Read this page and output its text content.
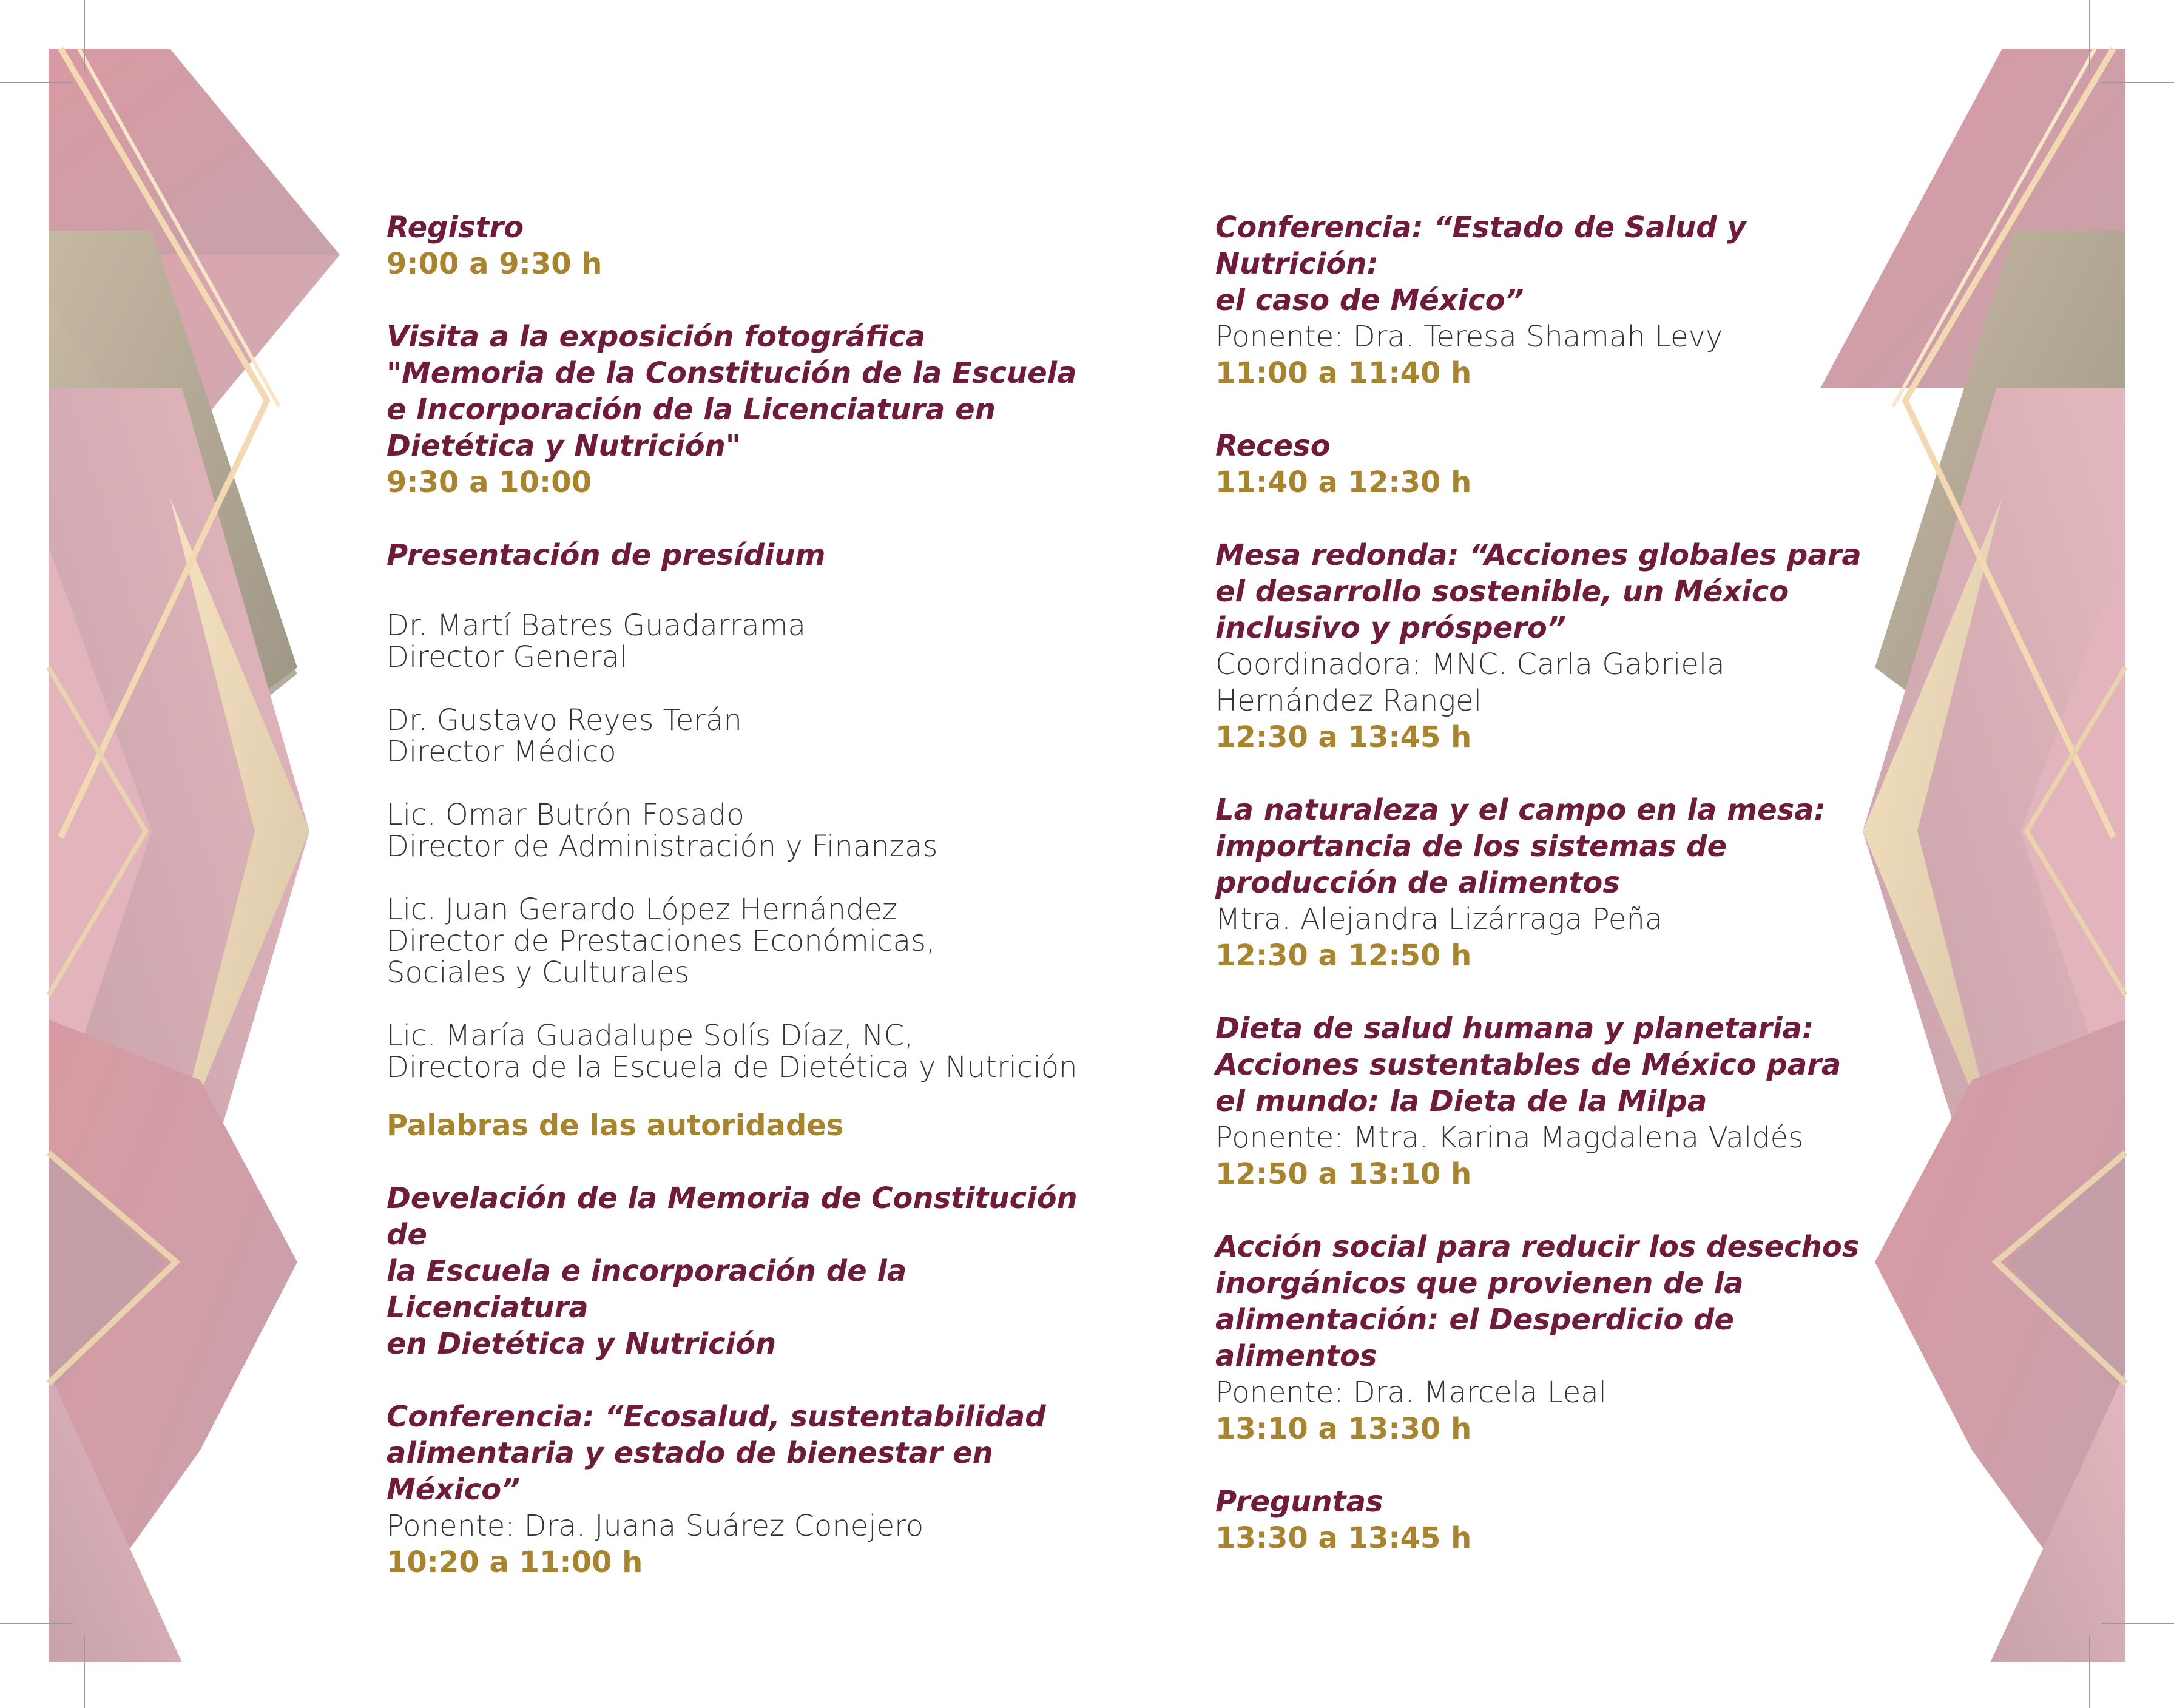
Registro
9:00 a 9:30 h
Visita a la exposición fotográfica
"Memoria de la Constitución de la Escuela
e Incorporación de la Licenciatura en
Dietética y Nutrición"
9:30 a 10:00
Presentación de presídium
Dr. Martí Batres Guadarrama
Director General
Dr. Gustavo Reyes Terán
Director Médico
Lic. Omar Butrón Fosado
Director de Administración y Finanzas
Lic. Juan Gerardo López Hernández
Director de Prestaciones Económicas,
Sociales y Culturales
Lic. María Guadalupe Solís Díaz, NC,
Directora de la Escuela de Dietética y Nutrición
Palabras de las autoridades
Develación de la Memoria de Constitución de
la Escuela e incorporación de la Licenciatura
en Dietética y Nutrición
Conferencia: “Ecosalud, sustentabilidad
alimentaria y estado de bienestar en México”
Ponente: Dra. Juana Suárez Conejero
10:20 a 11:00 h
Conferencia: “Estado de Salud y Nutrición:
el caso de México”
Ponente: Dra. Teresa Shamah Levy
11:00 a 11:40 h
Receso
11:40 a 12:30 h
Mesa redonda: “Acciones globales para
el desarrollo sostenible, un México
inclusivo y próspero”
Coordinadora: MNC. Carla Gabriela
Hernández Rangel
12:30 a 13:45 h
La naturaleza y el campo en la mesa:
importancia de los sistemas de
producción de alimentos
Mtra. Alejandra Lizárraga Peña
12:30 a 12:50 h
Dieta de salud humana y planetaria:
Acciones sustentables de México para
el mundo: la Dieta de la Milpa
Ponente: Mtra. Karina Magdalena Valdés
12:50 a 13:10 h
Acción social para reducir los desechos
inorgánicos que provienen de la
alimentación: el Desperdicio de alimentos
Ponente: Dra. Marcela Leal
13:10 a 13:30 h
Preguntas
13:30 a 13:45 h
